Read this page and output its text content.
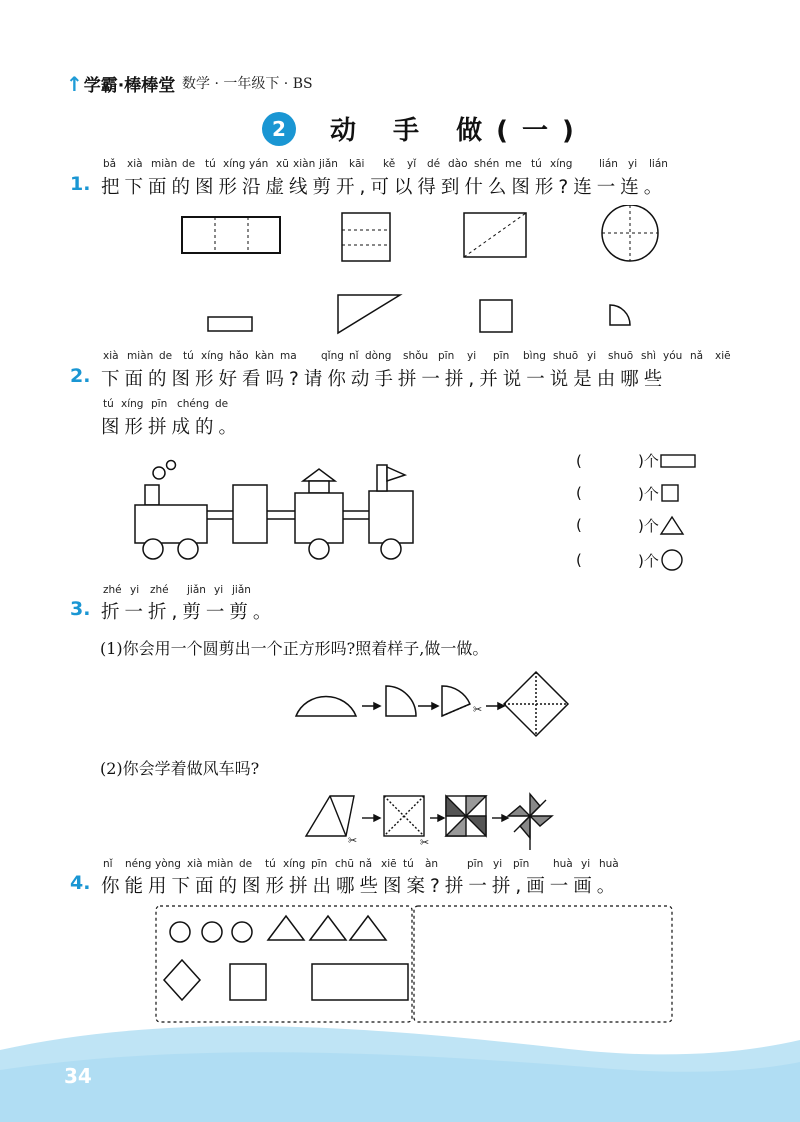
↑学霸·棒棒堂 数学 · 一年级下 · BS
2	动 手 做(一)
bǎ xià miàn de tú xíng yán xū xiàn jiǎn kāi kě yǐ dé dào shén me tú xíng	lián yi lián
1. 把下面的图形沿虚线剪开,可以得到什么图形?连一连。
xià miàn de tú xíng hǎo kàn ma qǐng nǐ dòng shǒu pīn yi pīn bìng shuō yi shuō shì yóu nǎ xiē
2. 下面的图形好看吗?请你动手拼一拼,并说一说是由哪些
tú xíng pīn chéng de
图形拼成的。
(	)个
(	)个
(	)个
(	)个
zhé yi zhé jiǎn yi jiǎn
3. 折一折,剪一剪。
(1)你会用一个圆剪出一个正方形吗?照着样子,做一做。
✂
(2)你会学着做风车吗?
✂	✂
nǐ néng yòng xià miàn de tú xíng pīn chū nǎ xiē tú àn	pīn yi pīn huà yi huà
4. 你能用下面的图形拼出哪些图案?拼一拼,画一画。
34
